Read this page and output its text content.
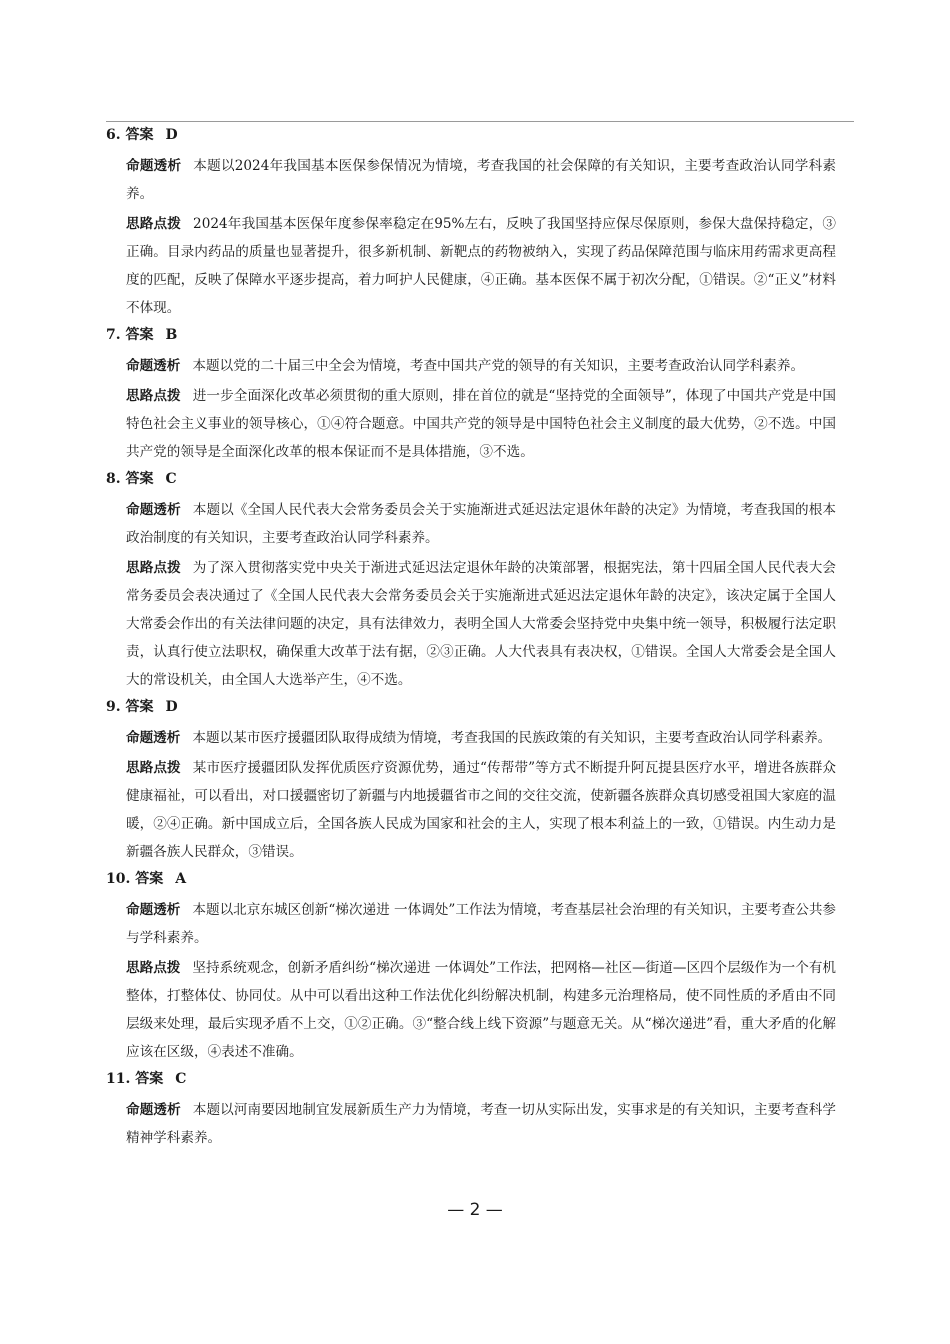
6. 答案 D

命题透析 本题以2024年我国基本医保参保情况为情境，考查我国的社会保障的有关知识，主要考查政治认同学科素养。

思路点拨 2024年我国基本医保年度参保率稳定在95%左右，反映了我国坚持应保尽保原则，参保大盘保持稳定，③正确。目录内药品的质量也显著提升，很多新机制、新靶点的药物被纳入，实现了药品保障范围与临床用药需求更高程度的匹配，反映了保障水平逐步提高，着力呵护人民健康，④正确。基本医保不属于初次分配，①错误。②“正义”材料不体现。

7. 答案 B

命题透析 本题以党的二十届三中全会为情境，考查中国共产党的领导的有关知识，主要考查政治认同学科素养。

思路点拨 进一步全面深化改革必须贯彻的重大原则，排在首位的就是“坚持党的全面领导”，体现了中国共产党是中国特色社会主义事业的领导核心，①④符合题意。中国共产党的领导是中国特色社会主义制度的最大优势，②不选。中国共产党的领导是全面深化改革的根本保证而不是具体措施，③不选。

8. 答案 C

命题透析 本题以《全国人民代表大会常务委员会关于实施渐进式延迟法定退休年龄的决定》为情境，考查我国的根本政治制度的有关知识，主要考查政治认同学科素养。

思路点拨 为了深入贯彻落实党中央关于渐进式延迟法定退休年龄的决策部署，根据宪法，第十四届全国人民代表大会常务委员会表决通过了《全国人民代表大会常务委员会关于实施渐进式延迟法定退休年龄的决定》，该决定属于全国人大常委会作出的有关法律问题的决定，具有法律效力，表明全国人大常委会坚持党中央集中统一领导，积极履行法定职责，认真行使立法职权，确保重大改革于法有据，②③正确。人大代表具有表决权，①错误。全国人大常委会是全国人大的常设机关，由全国人大选举产生，④不选。

9. 答案 D

命题透析 本题以某市医疗援疆团队取得成绩为情境，考查我国的民族政策的有关知识，主要考查政治认同学科素养。

思路点拨 某市医疗援疆团队发挥优质医疗资源优势，通过“传帮带”等方式不断提升阿瓦提县医疗水平，增进各族群众健康福祉，可以看出，对口援疆密切了新疆与内地援疆省市之间的交往交流，使新疆各族群众真切感受祖国大家庭的温暖，②④正确。新中国成立后，全国各族人民成为国家和社会的主人，实现了根本利益上的一致，①错误。内生动力是新疆各族人民群众，③错误。

10. 答案 A

命题透析 本题以北京东城区创新“梯次递进 一体调处”工作法为情境，考查基层社会治理的有关知识，主要考查公共参与学科素养。

思路点拨 坚持系统观念，创新矛盾纠纷“梯次递进 一体调处”工作法，把网格—社区—街道—区四个层级作为一个有机整体，打整体仗、协同仗。从中可以看出这种工作法优化纠纷解决机制，构建多元治理格局，使不同性质的矛盾由不同层级来处理，最后实现矛盾不上交，①②正确。③“整合线上线下资源”与题意无关。从“梯次递进”看，重大矛盾的化解应该在区级，④表述不准确。

11. 答案 C

命题透析 本题以河南要因地制宜发展新质生产力为情境，考查一切从实际出发，实事求是的有关知识，主要考查科学精神学科素养。

— 2 —
